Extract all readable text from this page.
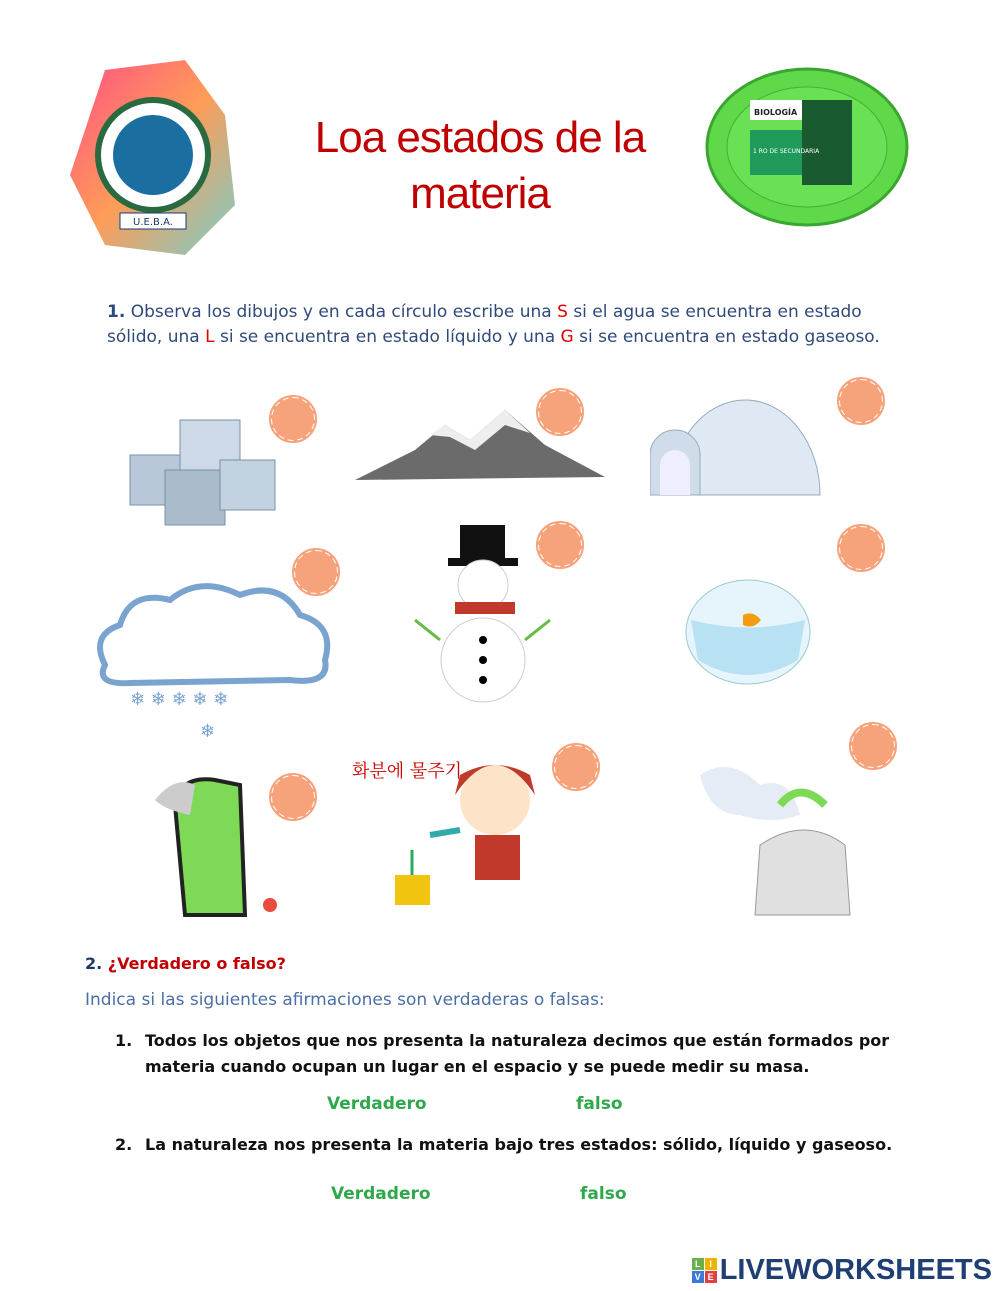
U.E.B.A.
Loa estados de la
materia
BIOLOGÍA
1 RO DE SECUNDARIA
1. Observa los dibujos y en cada círculo escribe una S si el agua se encuentra en estado sólido, una L si se encuentra en estado líquido y una G si se encuentra en estado gaseoso.
❄ ❄ ❄ ❄ ❄
❄
화분에 물주기
2. ¿Verdadero o falso?
Indica si las siguientes afirmaciones son verdaderas o falsas:
1. Todos los objetos que nos presenta la naturaleza decimos que están formados por materia cuando ocupan un lugar en el espacio y se puede medir su masa.
Verdadero	falso
2. La naturaleza nos presenta la materia bajo tres estados: sólido, líquido y gaseoso.
Verdadero	falso
L I
V E LIVEWORKSHEETS
